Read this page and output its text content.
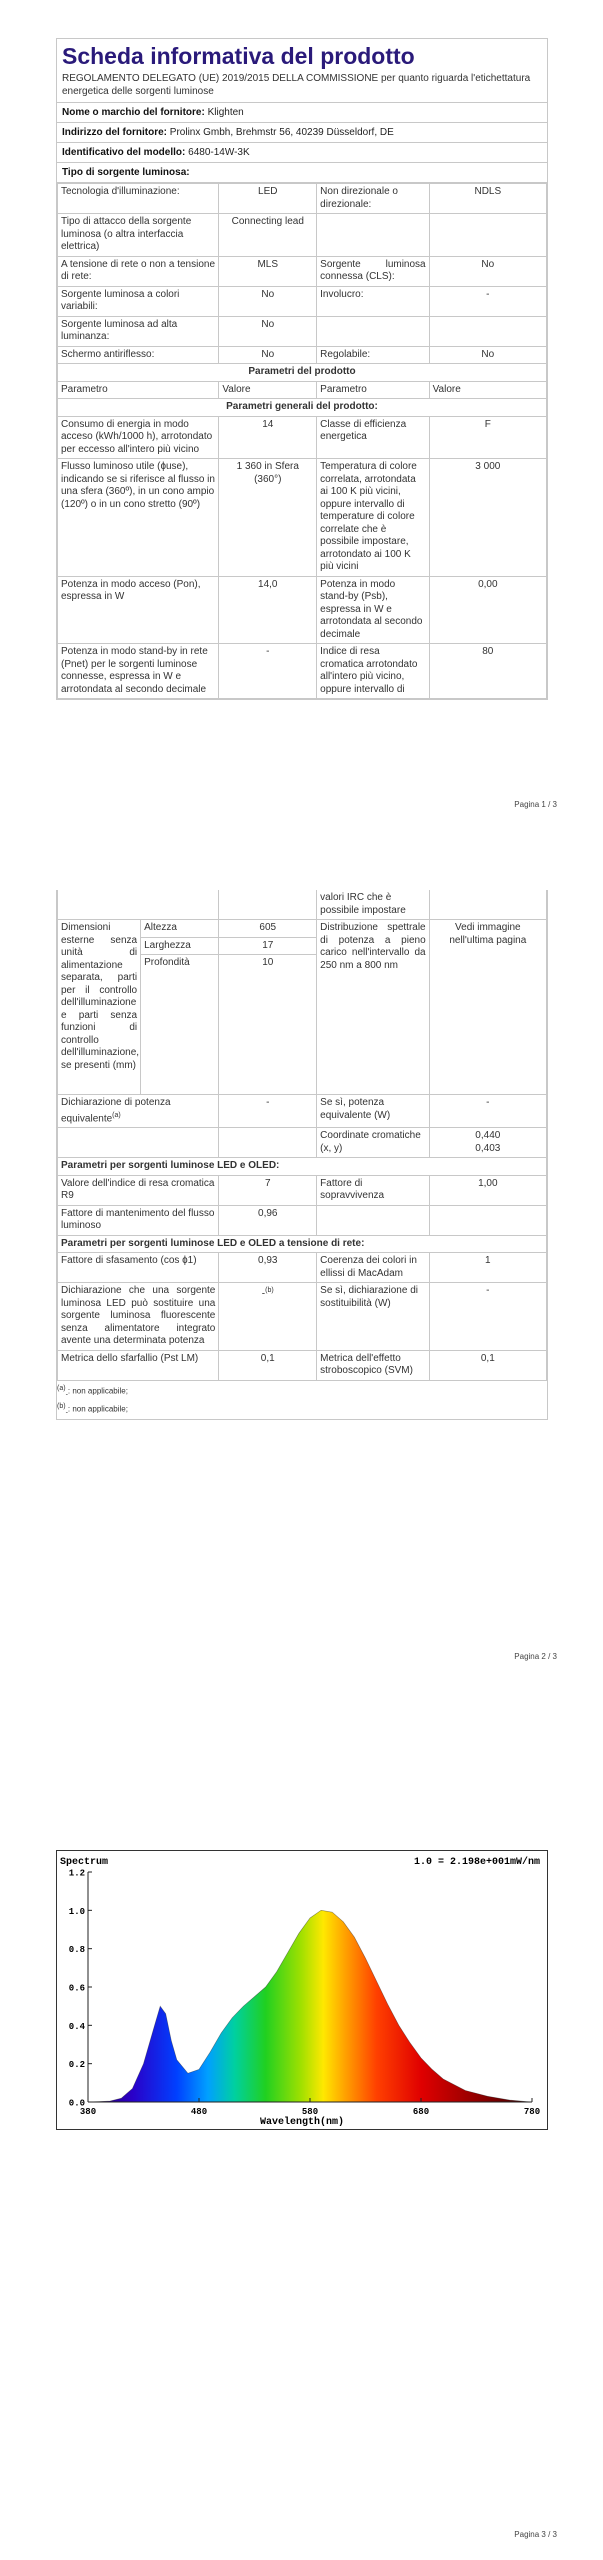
Scheda informativa del prodotto
REGOLAMENTO DELEGATO (UE) 2019/2015 DELLA COMMISSIONE per quanto riguarda l'etichettatura energetica delle sorgenti luminose
Nome o marchio del fornitore: Klighten
Indirizzo del fornitore: Prolinx Gmbh, Brehmstr 56, 40239 Düsseldorf, DE
Identificativo del modello: 6480-14W-3K
Tipo di sorgente luminosa:
Tecnologia d'illuminazione:	LED	Non direzionale o direzionale:	NDLS
Tipo di attacco della sorgente luminosa (o altra interfaccia elettrica)	Connecting lead		
A tensione di rete o non a tensione di rete:	MLS	Sorgente luminosa connessa (CLS):	No
Sorgente luminosa a colori variabili:	No	Involucro:	-
Sorgente luminosa ad alta luminanza:	No		
Schermo antiriflesso:	No	Regolabile:	No
Parametri del prodotto			
Parametro	Valore	Parametro	Valore
Parametri generali del prodotto:			
Consumo di energia in modo acceso (kWh/1000 h), arrotondato per eccesso all'intero più vicino	14	Classe di efficienza energetica	F
Flusso luminoso utile (ɸuse), indicando se si riferisce al flusso in una sfera (360º), in un cono ampio (120º) o in un cono stretto (90º)	1 360 in Sfera (360°)	Temperatura di colore correlata, arrotondata ai 100 K più vicini, oppure intervallo di temperature di colore correlate che è possibile impostare, arrotondato ai 100 K più vicini	3 000
Potenza in modo acceso (Pon), espressa in W	14,0	Potenza in modo stand-by (Psb), espressa in W e arrotondata al secondo decimale	0,00
Potenza in modo stand-by in rete (Pnet) per le sorgenti luminose connesse, espressa in W e arrotondata al secondo decimale	-	Indice di resa cromatica arrotondato all'intero più vicino, oppure intervallo di	80
Pagina 1 / 3
			valori IRC che è possibile impostare	
Dimensioni esterne senza unità di alimentazione separata, parti per il controllo dell'illuminazione e parti senza funzioni di controllo dell'illuminazione, se presenti (mm)	Altezza	605	Distribuzione spettrale di potenza a pieno carico nell'intervallo da 250 nm a 800 nm	Vedi immagine nell'ultima pagina
	Larghezza	17		
	Profondità	10		
Dichiarazione di potenza equivalente$^{(a)}$		-	Se sì, potenza equivalente (W)	-
			Coordinate cromatiche (x, y)	0,440
0,403

Parametri per sorgenti luminose LED e OLED:				
Valore dell'indice di resa cromatica R9		7	Fattore di sopravvivenza	1,00
Fattore di mantenimento del flusso luminoso		0,96		
Parametri per sorgenti luminose LED e OLED a tensione di rete:				
Fattore di sfasamento (cos ɸ1)		0,93	Coerenza dei colori in ellissi di MacAdam	1
Dichiarazione che una sorgente luminosa LED può sostituire una sorgente luminosa fluorescente senza alimentatore integrato avente una determinata potenza		-$^{(b)}$	Se sì, dichiarazione di sostituibilità (W)	-
Metrica dello sfarfallio (Pst LM)		0,1	Metrica dell'effetto stroboscopico (SVM)	0,1
$^{(a)}_-$: non applicabile;
$^{(b)}_-$: non applicabile;
Pagina 2 / 3
Spectrum	1.0 = 2.198e+001mW/nm
0.0
0.2
0.4
0.6
0.8
1.0
1.2
380	480	580	680	780
Wavelength(nm)
Pagina 3 / 3
